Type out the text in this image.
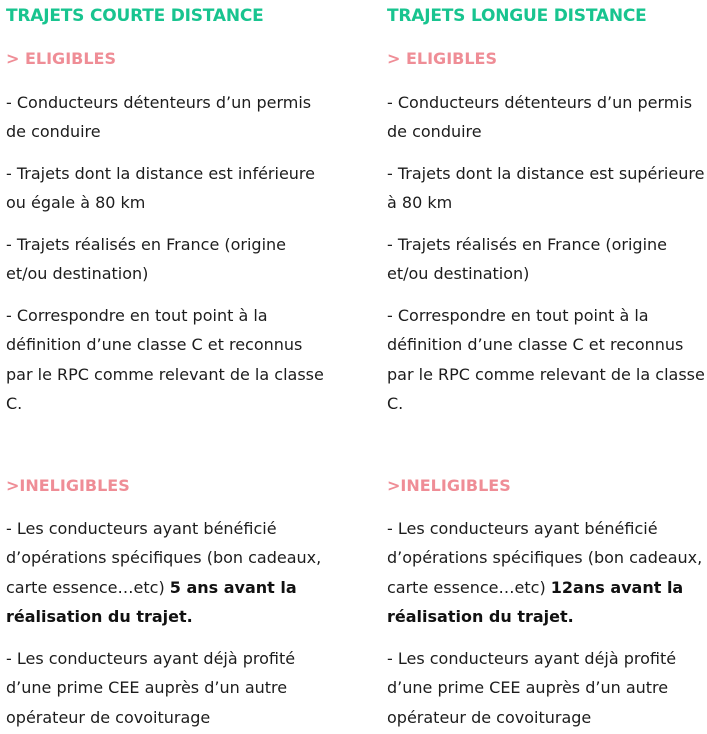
TRAJETS COURTE DISTANCE
> ELIGIBLES
- Conducteurs détenteurs d’un permis de conduire
- Trajets dont la distance est inférieure ou égale à 80 km
- Trajets réalisés en France (origine et/ou destination)
- Correspondre en tout point à la définition d’une classe C et reconnus par le RPC comme relevant de la classe C.
>INELIGIBLES
- Les conducteurs ayant bénéficié d’opérations spécifiques (bon cadeaux, carte essence…etc) 5 ans avant la réalisation du trajet.
- Les conducteurs ayant déjà profité d’une prime CEE auprès d’un autre opérateur de covoiturage
TRAJETS LONGUE DISTANCE
> ELIGIBLES
- Conducteurs détenteurs d’un permis de conduire
- Trajets dont la distance est supérieure à 80 km
- Trajets réalisés en France (origine et/ou destination)
- Correspondre en tout point à la définition d’une classe C et reconnus par le RPC comme relevant de la classe C.
>INELIGIBLES
- Les conducteurs ayant bénéficié d’opérations spécifiques (bon cadeaux, carte essence…etc) 12ans avant la réalisation du trajet.
- Les conducteurs ayant déjà profité d’une prime CEE auprès d’un autre opérateur de covoiturage
